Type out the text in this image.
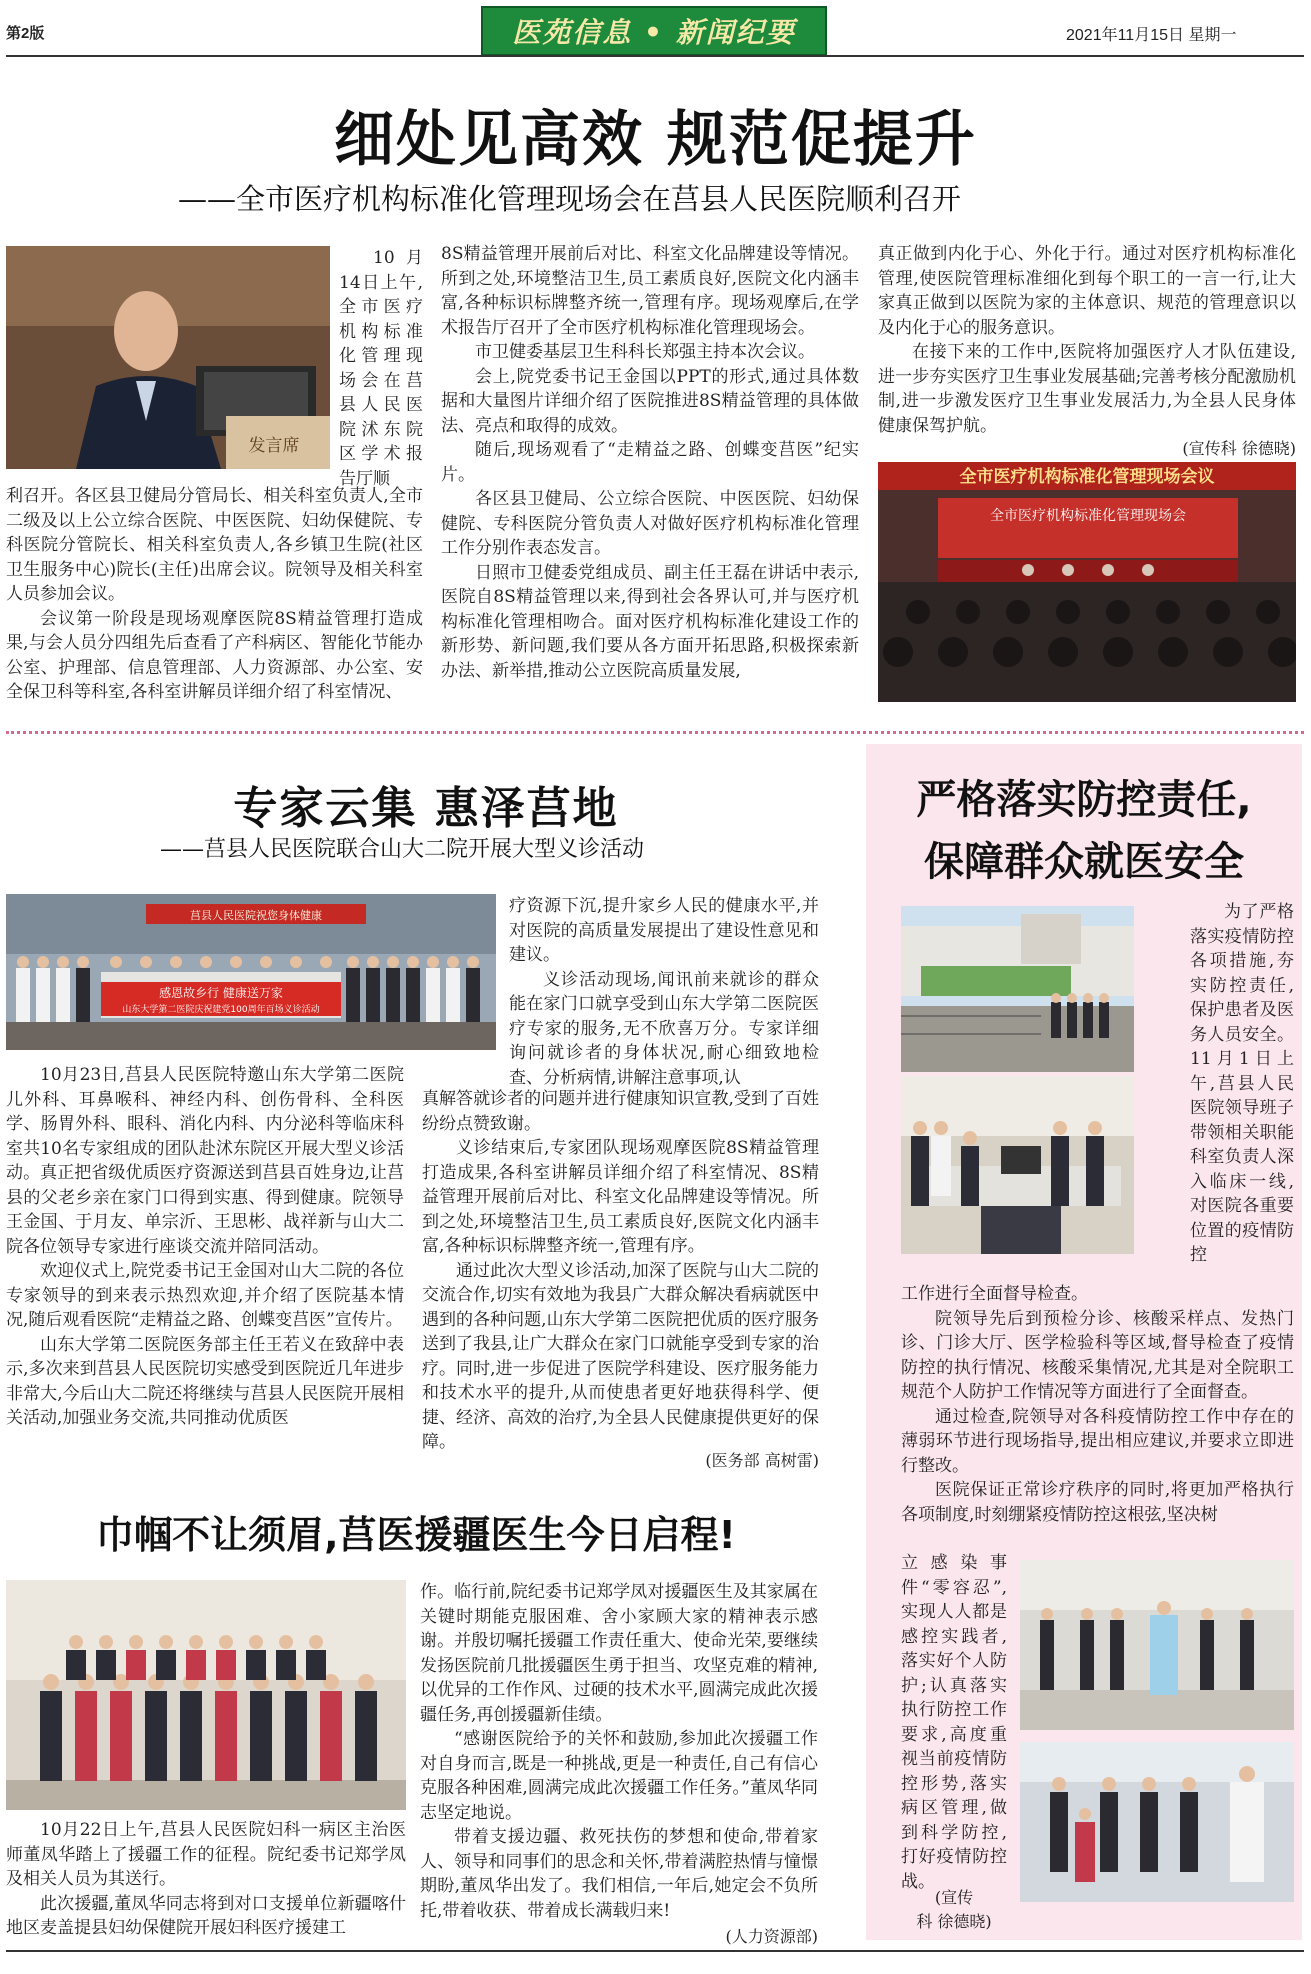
第2版	医苑信息 • 新闻纪要	2021年11月15日 星期一
细处见高效 规范促提升
——全市医疗机构标准化管理现场会在莒县人民医院顺利召开
发言席

10月14日上午,全市医疗机构标准化管理现场会在莒县人民医院沭东院区学术报告厅顺

利召开。各区县卫健局分管局长、相关科室负责人,全市二级及以上公立综合医院、中医医院、妇幼保健院、专科医院分管院长、相关科室负责人,各乡镇卫生院(社区卫生服务中心)院长(主任)出席会议。院领导及相关科室人员参加会议。

会议第一阶段是现场观摩医院8S精益管理打造成果,与会人员分四组先后查看了产科病区、智能化节能办公室、护理部、信息管理部、人力资源部、办公室、安全保卫科等科室,各科室讲解员详细介绍了科室情况、

8S精益管理开展前后对比、科室文化品牌建设等情况。所到之处,环境整洁卫生,员工素质良好,医院文化内涵丰富,各种标识标牌整齐统一,管理有序。现场观摩后,在学术报告厅召开了全市医疗机构标准化管理现场会。

市卫健委基层卫生科科长郑强主持本次会议。

会上,院党委书记王金国以PPT的形式,通过具体数据和大量图片详细介绍了医院推进8S精益管理的具体做法、亮点和取得的成效。

随后,现场观看了“走精益之路、创蝶变莒医”纪实片。

各区县卫健局、公立综合医院、中医医院、妇幼保健院、专科医院分管负责人对做好医疗机构标准化管理工作分别作表态发言。

日照市卫健委党组成员、副主任王磊在讲话中表示,医院自8S精益管理以来,得到社会各界认可,并与医疗机构标准化管理相吻合。面对医疗机构标准化建设工作的新形势、新问题,我们要从各方面开拓思路,积极探索新办法、新举措,推动公立医院高质量发展,

真正做到内化于心、外化于行。通过对医疗机构标准化管理,使医院管理标准细化到每个职工的一言一行,让大家真正做到以医院为家的主体意识、规范的管理意识以及内化于心的服务意识。

在接下来的工作中,医院将加强医疗人才队伍建设,进一步夯实医疗卫生事业发展基础;完善考核分配激励机制,进一步激发医疗卫生事业发展活力,为全县人民身体健康保驾护航。

(宣传科 徐德晓)
全市医疗机构标准化管理现场会议
全市医疗机构标准化管理现场会
专家云集 惠泽莒地
——莒县人民医院联合山大二院开展大型义诊活动
莒县人民医院祝您身体健康
感恩故乡行 健康送万家
山东大学第二医院庆祝建党100周年百场义诊活动

疗资源下沉,提升家乡人民的健康水平,并对医院的高质量发展提出了建设性意见和建议。

义诊活动现场,闻讯前来就诊的群众能在家门口就享受到山东大学第二医院医疗专家的服务,无不欣喜万分。专家详细询问就诊者的身体状况,耐心细致地检查、分析病情,讲解注意事项,认

10月23日,莒县人民医院特邀山东大学第二医院儿外科、耳鼻喉科、神经内科、创伤骨科、全科医学、肠胃外科、眼科、消化内科、内分泌科等临床科室共10名专家组成的团队赴沭东院区开展大型义诊活动。真正把省级优质医疗资源送到莒县百姓身边,让莒县的父老乡亲在家门口得到实惠、得到健康。院领导王金国、于月友、单宗沂、王思彬、战祥新与山大二院各位领导专家进行座谈交流并陪同活动。

欢迎仪式上,院党委书记王金国对山大二院的各位专家领导的到来表示热烈欢迎,并介绍了医院基本情况,随后观看医院“走精益之路、创蝶变莒医”宣传片。

山东大学第二医院医务部主任王若义在致辞中表示,多次来到莒县人民医院切实感受到医院近几年进步非常大,今后山大二院还将继续与莒县人民医院开展相关活动,加强业务交流,共同推动优质医

真解答就诊者的问题并进行健康知识宣教,受到了百姓纷纷点赞致谢。

义诊结束后,专家团队现场观摩医院8S精益管理打造成果,各科室讲解员详细介绍了科室情况、8S精益管理开展前后对比、科室文化品牌建设等情况。所到之处,环境整洁卫生,员工素质良好,医院文化内涵丰富,各种标识标牌整齐统一,管理有序。

通过此次大型义诊活动,加深了医院与山大二院的交流合作,切实有效地为我县广大群众解决看病就医中遇到的各种问题,山东大学第二医院把优质的医疗服务送到了我县,让广大群众在家门口就能享受到专家的治疗。同时,进一步促进了医院学科建设、医疗服务能力和技术水平的提升,从而使患者更好地获得科学、便捷、经济、高效的治疗,为全县人民健康提供更好的保障。

(医务部 高树雷)
巾帼不让须眉,莒医援疆医生今日启程!

10月22日上午,莒县人民医院妇科一病区主治医师董凤华踏上了援疆工作的征程。院纪委书记郑学凤及相关人员为其送行。

此次援疆,董凤华同志将到对口支援单位新疆喀什地区麦盖提县妇幼保健院开展妇科医疗援建工

作。临行前,院纪委书记郑学凤对援疆医生及其家属在关键时期能克服困难、舍小家顾大家的精神表示感谢。并殷切嘱托援疆工作责任重大、使命光荣,要继续发扬医院前几批援疆医生勇于担当、攻坚克难的精神,以优异的工作作风、过硬的技术水平,圆满完成此次援疆任务,再创援疆新佳绩。

“感谢医院给予的关怀和鼓励,参加此次援疆工作对自身而言,既是一种挑战,更是一种责任,自己有信心克服各种困难,圆满完成此次援疆工作任务。”董凤华同志坚定地说。

带着支援边疆、救死扶伤的梦想和使命,带着家人、领导和同事们的思念和关怀,带着满腔热情与憧憬期盼,董凤华出发了。我们相信,一年后,她定会不负所托,带着收获、带着成长满载归来!

(人力资源部)
严格落实防控责任,
保障群众就医安全

为了严格落实疫情防控各项措施,夯实防控责任,保护患者及医务人员安全。11月1日上午,莒县人民医院领导班子带领相关职能科室负责人深入临床一线,对医院各重要位置的疫情防控

工作进行全面督导检查。

院领导先后到预检分诊、核酸采样点、发热门诊、门诊大厅、医学检验科等区域,督导检查了疫情防控的执行情况、核酸采集情况,尤其是对全院职工规范个人防护工作情况等方面进行了全面督查。

通过检查,院领导对各科疫情防控工作中存在的薄弱环节进行现场指导,提出相应建议,并要求立即进行整改。

医院保证正常诊疗秩序的同时,将更加严格执行各项制度,时刻绷紧疫情防控这根弦,坚决树

立感染事件“零容忍”,实现人人都是感控实践者,落实好个人防护;认真落实执行防控工作要求,高度重视当前疫情防控形势,落实病区管理,做到科学防控,打好疫情防控战。

(宣传
科 徐德晓)
